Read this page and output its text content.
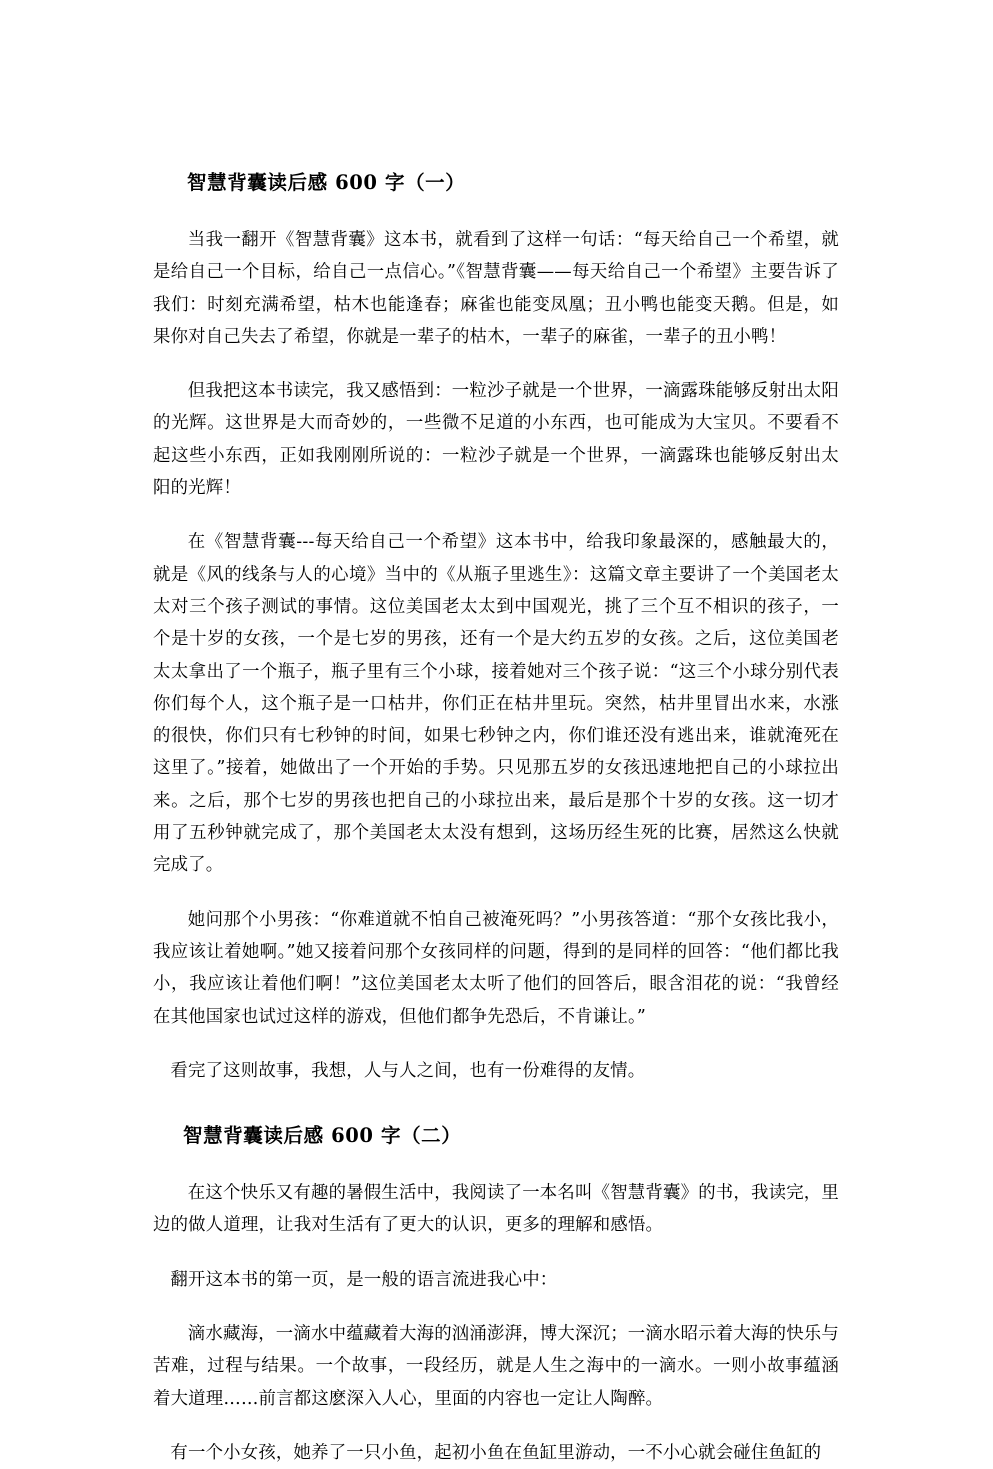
智慧背囊读后感 600 字（一）

当我一翻开《智慧背囊》这本书，就看到了这样一句话：“每天给自己一个希望，就是给自己一个目标，给自己一点信心。”《智慧背囊——每天给自己一个希望》主要告诉了我们：时刻充满希望，枯木也能逢春；麻雀也能变凤凰；丑小鸭也能变天鹅。但是，如果你对自己失去了希望，你就是一辈子的枯木，一辈子的麻雀，一辈子的丑小鸭！

但我把这本书读完，我又感悟到：一粒沙子就是一个世界，一滴露珠能够反射出太阳的光辉。这世界是大而奇妙的，一些微不足道的小东西，也可能成为大宝贝。不要看不起这些小东西，正如我刚刚所说的：一粒沙子就是一个世界，一滴露珠也能够反射出太阳的光辉！

在《智慧背囊---每天给自己一个希望》这本书中，给我印象最深的，感触最大的，就是《风的线条与人的心境》当中的《从瓶子里逃生》：这篇文章主要讲了一个美国老太太对三个孩子测试的事情。这位美国老太太到中国观光，挑了三个互不相识的孩子，一个是十岁的女孩，一个是七岁的男孩，还有一个是大约五岁的女孩。之后，这位美国老太太拿出了一个瓶子，瓶子里有三个小球，接着她对三个孩子说：“这三个小球分别代表你们每个人，这个瓶子是一口枯井，你们正在枯井里玩。突然，枯井里冒出水来，水涨的很快，你们只有七秒钟的时间，如果七秒钟之内，你们谁还没有逃出来，谁就淹死在这里了。”接着，她做出了一个开始的手势。只见那五岁的女孩迅速地把自己的小球拉出来。之后，那个七岁的男孩也把自己的小球拉出来，最后是那个十岁的女孩。这一切才用了五秒钟就完成了，那个美国老太太没有想到，这场历经生死的比赛，居然这么快就完成了。

她问那个小男孩：“你难道就不怕自己被淹死吗？”小男孩答道：“那个女孩比我小，我应该让着她啊。”她又接着问那个女孩同样的问题，得到的是同样的回答：“他们都比我小，我应该让着他们啊！”这位美国老太太听了他们的回答后，眼含泪花的说：“我曾经在其他国家也试过这样的游戏，但他们都争先恐后，不肯谦让。”

看完了这则故事，我想，人与人之间，也有一份难得的友情。

智慧背囊读后感 600 字（二）

在这个快乐又有趣的暑假生活中，我阅读了一本名叫《智慧背囊》的书，我读完，里边的做人道理，让我对生活有了更大的认识，更多的理解和感悟。

翻开这本书的第一页，是一般的语言流进我心中：

滴水藏海，一滴水中蕴藏着大海的汹涌澎湃，博大深沉；一滴水昭示着大海的快乐与苦难，过程与结果。一个故事，一段经历，就是人生之海中的一滴水。一则小故事蕴涵着大道理……前言都这麽深入人心，里面的内容也一定让人陶醉。

有一个小女孩，她养了一只小鱼，起初小鱼在鱼缸里游动，一不小心就会碰住鱼缸的
